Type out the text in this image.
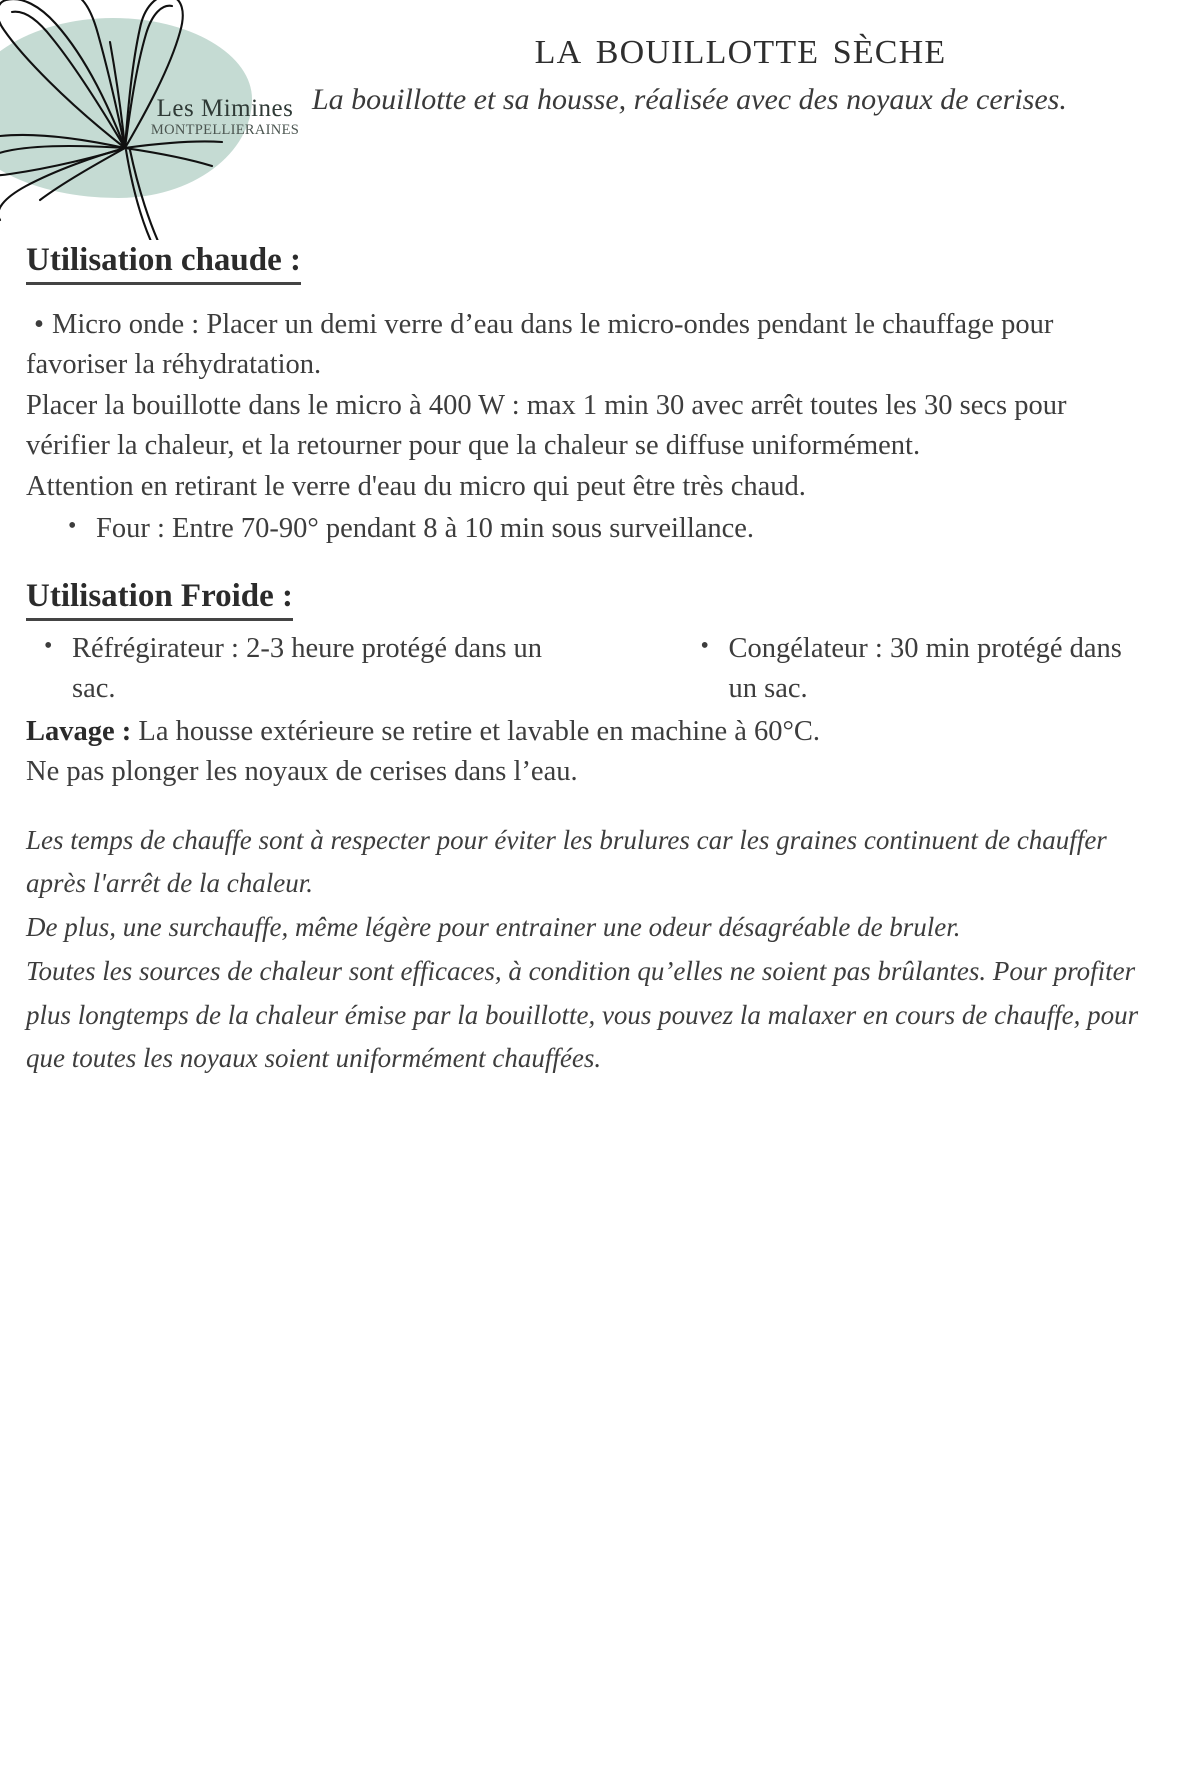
Les Mimines
MONTPELLIERAINES
la bouillotte sèche

La bouillotte et sa housse, réalisée avec des noyaux de cerises.

Utilisation chaude :

• Micro onde : Placer un demi verre d’eau dans le micro-ondes pendant le chauffage pour favoriser la réhydratation.

Placer la bouillotte dans le micro à 400 W : max 1 min 30 avec arrêt toutes les 30 secs pour vérifier la chaleur, et la retourner pour que la chaleur se diffuse uniformément.

Attention en retirant le verre d'eau du micro qui peut être très chaud.

• Four : Entre 70-90° pendant 8 à 10 min sous surveillance.
Utilisation Froide :
• Réfrégirateur : 2-3 heure protégé dans un sac.
• Congélateur : 30 min protégé dans un sac.

Lavage : La housse extérieure se retire et lavable en machine à 60°C.

Ne pas plonger les noyaux de cerises dans l’eau.

Les temps de chauffe sont à respecter pour éviter les brulures car les graines continuent de chauffer après l'arrêt de la chaleur.

De plus, une surchauffe, même légère pour entrainer une odeur désagréable de bruler.

Toutes les sources de chaleur sont efficaces, à condition qu’elles ne soient pas brûlantes. Pour profiter plus longtemps de la chaleur émise par la bouillotte, vous pouvez la malaxer en cours de chauffe, pour que toutes les noyaux soient uniformément chauffées.
